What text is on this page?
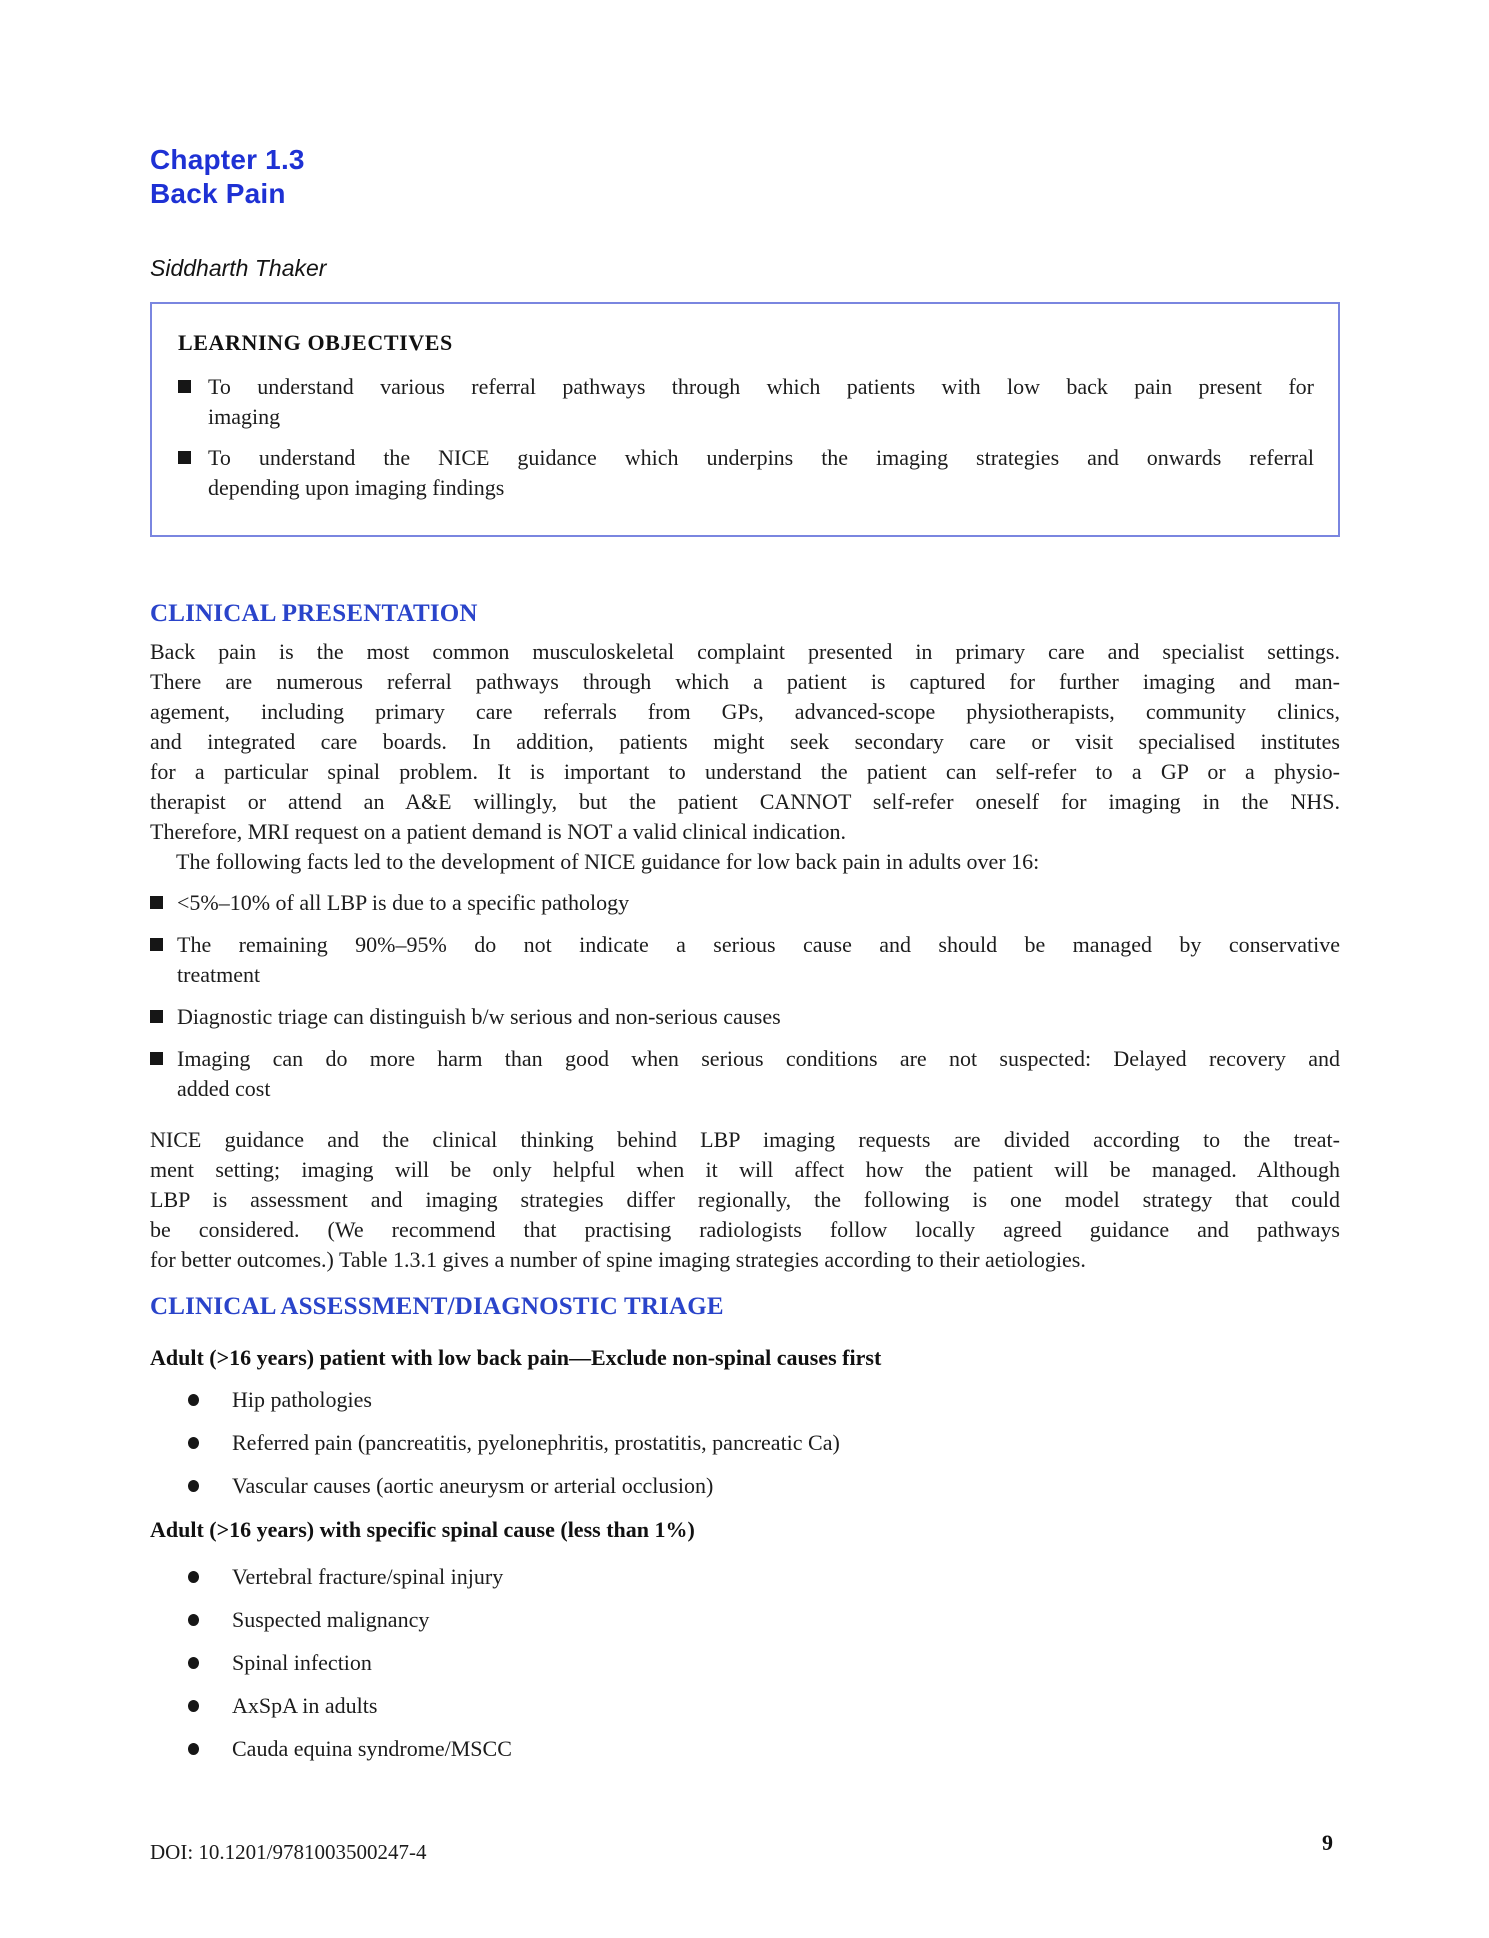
Chapter 1.3
Back Pain
Siddharth Thaker
LEARNING OBJECTIVES
To understand various referral pathways through which patients with low back pain present for
imaging
To understand the NICE guidance which underpins the imaging strategies and onwards referral
depending upon imaging findings
CLINICAL PRESENTATION
Back pain is the most common musculoskeletal complaint presented in primary care and specialist settings.
There are numerous referral pathways through which a patient is captured for further imaging and man-
agement, including primary care referrals from GPs, advanced-scope physiotherapists, community clinics,
and integrated care boards. In addition, patients might seek secondary care or visit specialised institutes
for a particular spinal problem. It is important to understand the patient can self-refer to a GP or a physio-
therapist or attend an A&E willingly, but the patient CANNOT self-refer oneself for imaging in the NHS.
Therefore, MRI request on a patient demand is NOT a valid clinical indication.
The following facts led to the development of NICE guidance for low back pain in adults over 16:
<5%–10% of all LBP is due to a specific pathology
The remaining 90%–95% do not indicate a serious cause and should be managed by conservative
treatment
Diagnostic triage can distinguish b/w serious and non-serious causes
Imaging can do more harm than good when serious conditions are not suspected: Delayed recovery and
added cost
NICE guidance and the clinical thinking behind LBP imaging requests are divided according to the treat-
ment setting; imaging will be only helpful when it will affect how the patient will be managed. Although
LBP is assessment and imaging strategies differ regionally, the following is one model strategy that could
be considered. (We recommend that practising radiologists follow locally agreed guidance and pathways
for better outcomes.) Table 1.3.1 gives a number of spine imaging strategies according to their aetiologies.
CLINICAL ASSESSMENT/DIAGNOSTIC TRIAGE
Adult (>16 years) patient with low back pain—Exclude non-spinal causes first
Hip pathologies
Referred pain (pancreatitis, pyelonephritis, prostatitis, pancreatic Ca)
Vascular causes (aortic aneurysm or arterial occlusion)
Adult (>16 years) with specific spinal cause (less than 1%)
Vertebral fracture/spinal injury
Suspected malignancy
Spinal infection
AxSpA in adults
Cauda equina syndrome/MSCC
DOI: 10.1201/9781003500247-4	9
